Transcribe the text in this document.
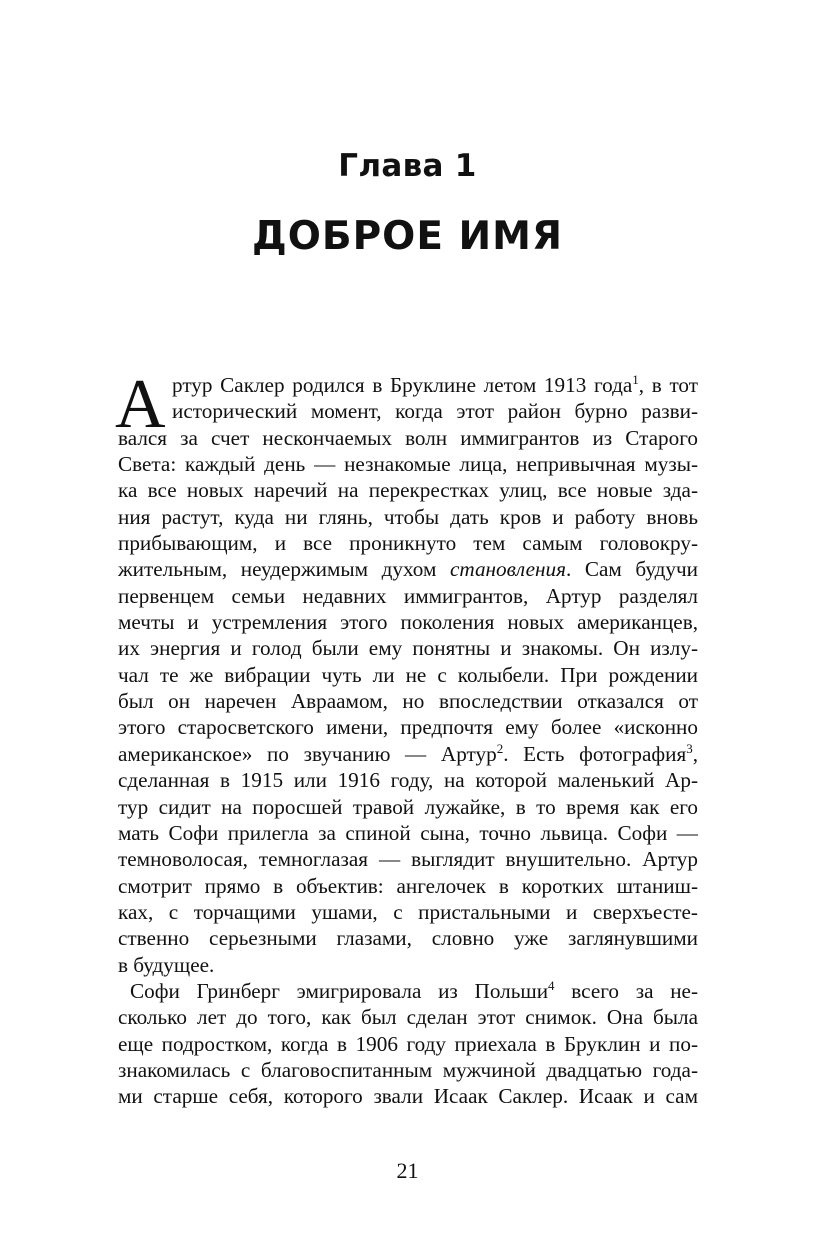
Глава 1
ДОБРОЕ ИМЯ
А ртур Саклер родился в Бруклине летом 1913 года$^1$, в тот
исторический момент, когда этот район бурно разви-
вался за счет нескончаемых волн иммигрантов из Старого
Света: каждый день — незнакомые лица, непривычная музы-
ка все новых наречий на перекрестках улиц, все новые зда-
ния растут, куда ни глянь, чтобы дать кров и работу вновь
прибывающим, и все проникнуто тем самым головокру-
жительным, неудержимым духом становления. Сам будучи
первенцем семьи недавних иммигрантов, Артур разделял
мечты и устремления этого поколения новых американцев,
их энергия и голод были ему понятны и знакомы. Он излу-
чал те же вибрации чуть ли не с колыбели. При рождении
был он наречен Авраамом, но впоследствии отказался от
этого старосветского имени, предпочтя ему более «исконно
американское» по звучанию — Артур$^2$. Есть фотография$^3$,
сделанная в 1915 или 1916 году, на которой маленький Ар-
тур сидит на поросшей травой лужайке, в то время как его
мать Софи прилегла за спиной сына, точно львица. Софи —
темноволосая, темноглазая — выглядит внушительно. Артур
смотрит прямо в объектив: ангелочек в коротких штаниш-
ках, с торчащими ушами, с пристальными и сверхъесте-
ственно серьезными глазами, словно уже заглянувшими
в будущее.
Софи Гринберг эмигрировала из Польши$^4$ всего за не-
сколько лет до того, как был сделан этот снимок. Она была
еще подростком, когда в 1906 году приехала в Бруклин и по-
знакомилась с благовоспитанным мужчиной двадцатью года-
ми старше себя, которого звали Исаак Саклер. Исаак и сам
21
